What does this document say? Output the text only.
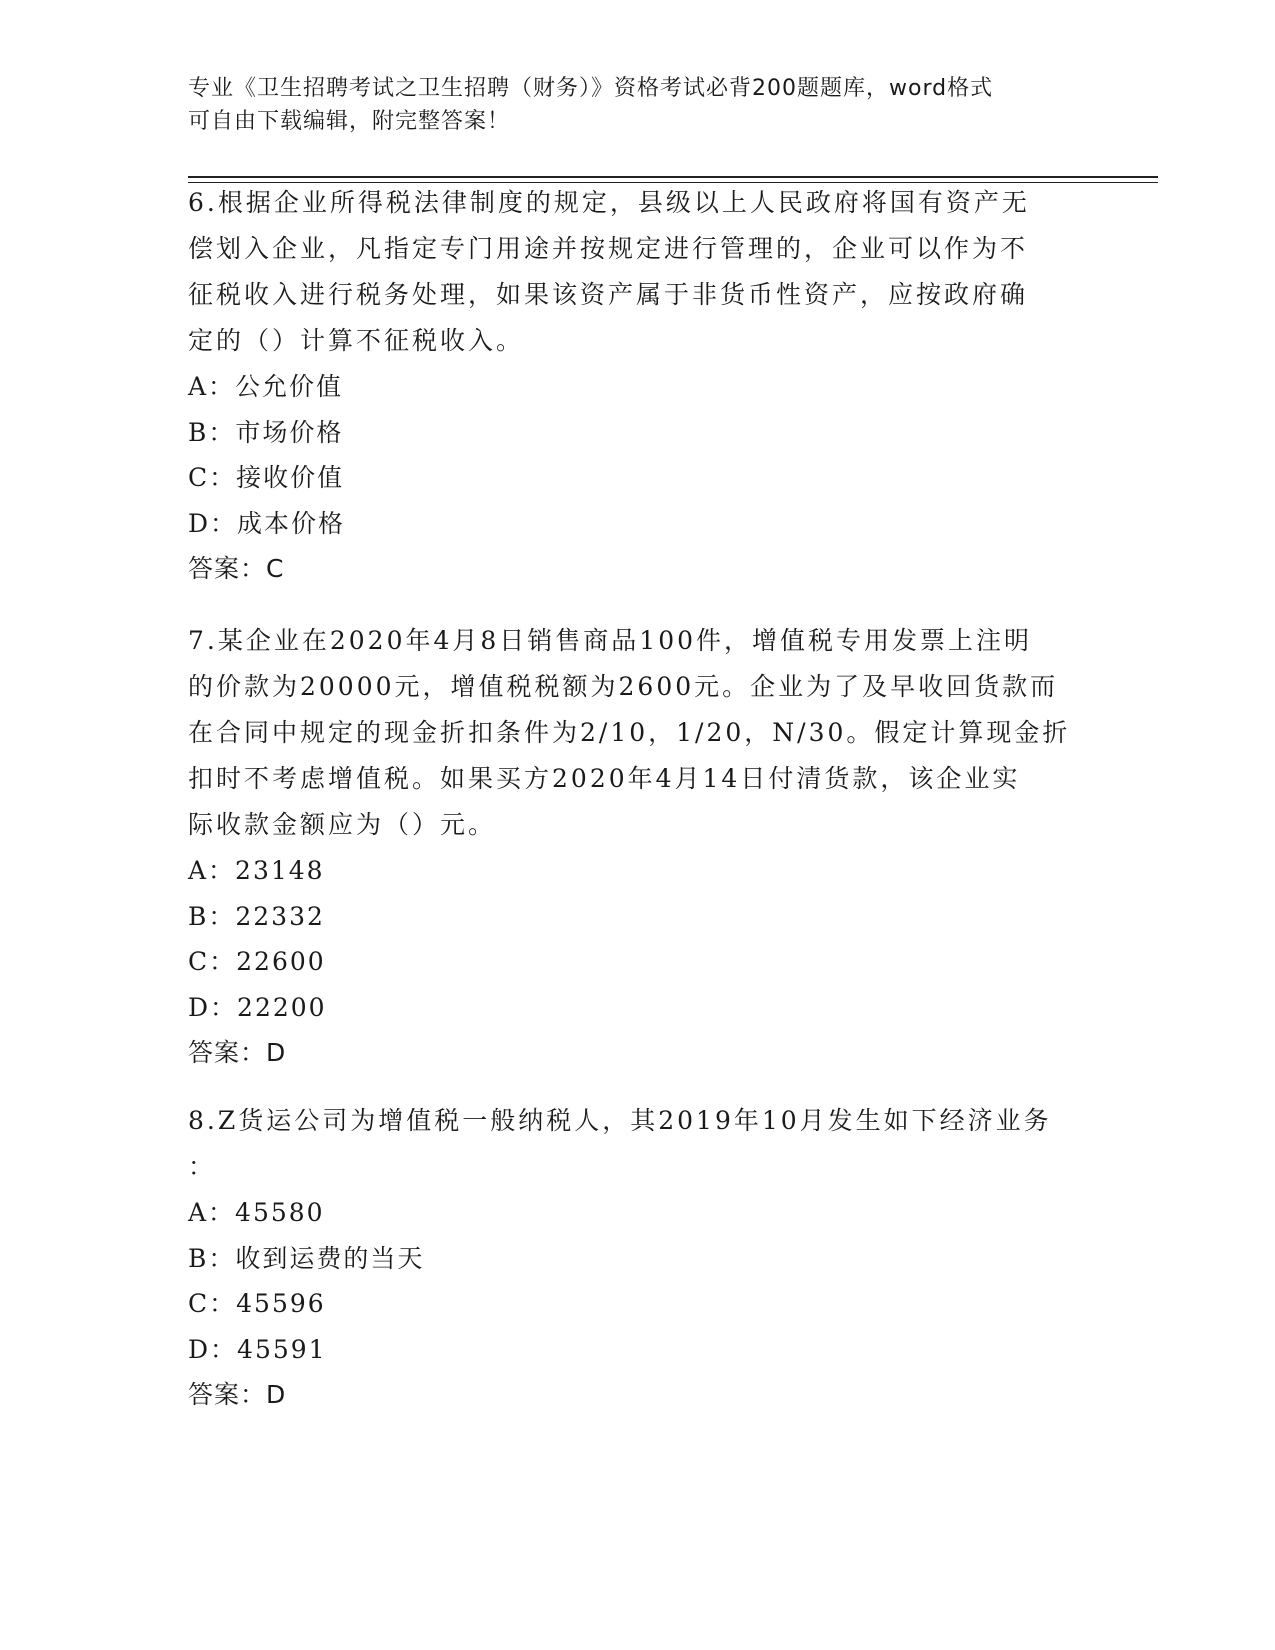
专业《卫生招聘考试之卫生招聘（财务）》资格考试必背200题题库，word格式
可自由下载编辑，附完整答案！

6.根据企业所得税法律制度的规定，县级以上人民政府将国有资产无

偿划入企业，凡指定专门用途并按规定进行管理的，企业可以作为不

征税收入进行税务处理，如果该资产属于非货币性资产，应按政府确

定的（）计算不征税收入。

A：公允价值

B：市场价格

C：接收价值

D：成本价格

答案：C

7.某企业在2020年4月8日销售商品100件，增值税专用发票上注明

的价款为20000元，增值税税额为2600元。企业为了及早收回货款而

在合同中规定的现金折扣条件为2/10，1/20，N/30。假定计算现金折

扣时不考虑增值税。如果买方2020年4月14日付清货款，该企业实

际收款金额应为（）元。

A：23148

B：22332

C：22600

D：22200

答案：D

8.Z货运公司为增值税一般纳税人，其2019年10月发生如下经济业务

：

A：45580

B：收到运费的当天

C：45596

D：45591

答案：D
